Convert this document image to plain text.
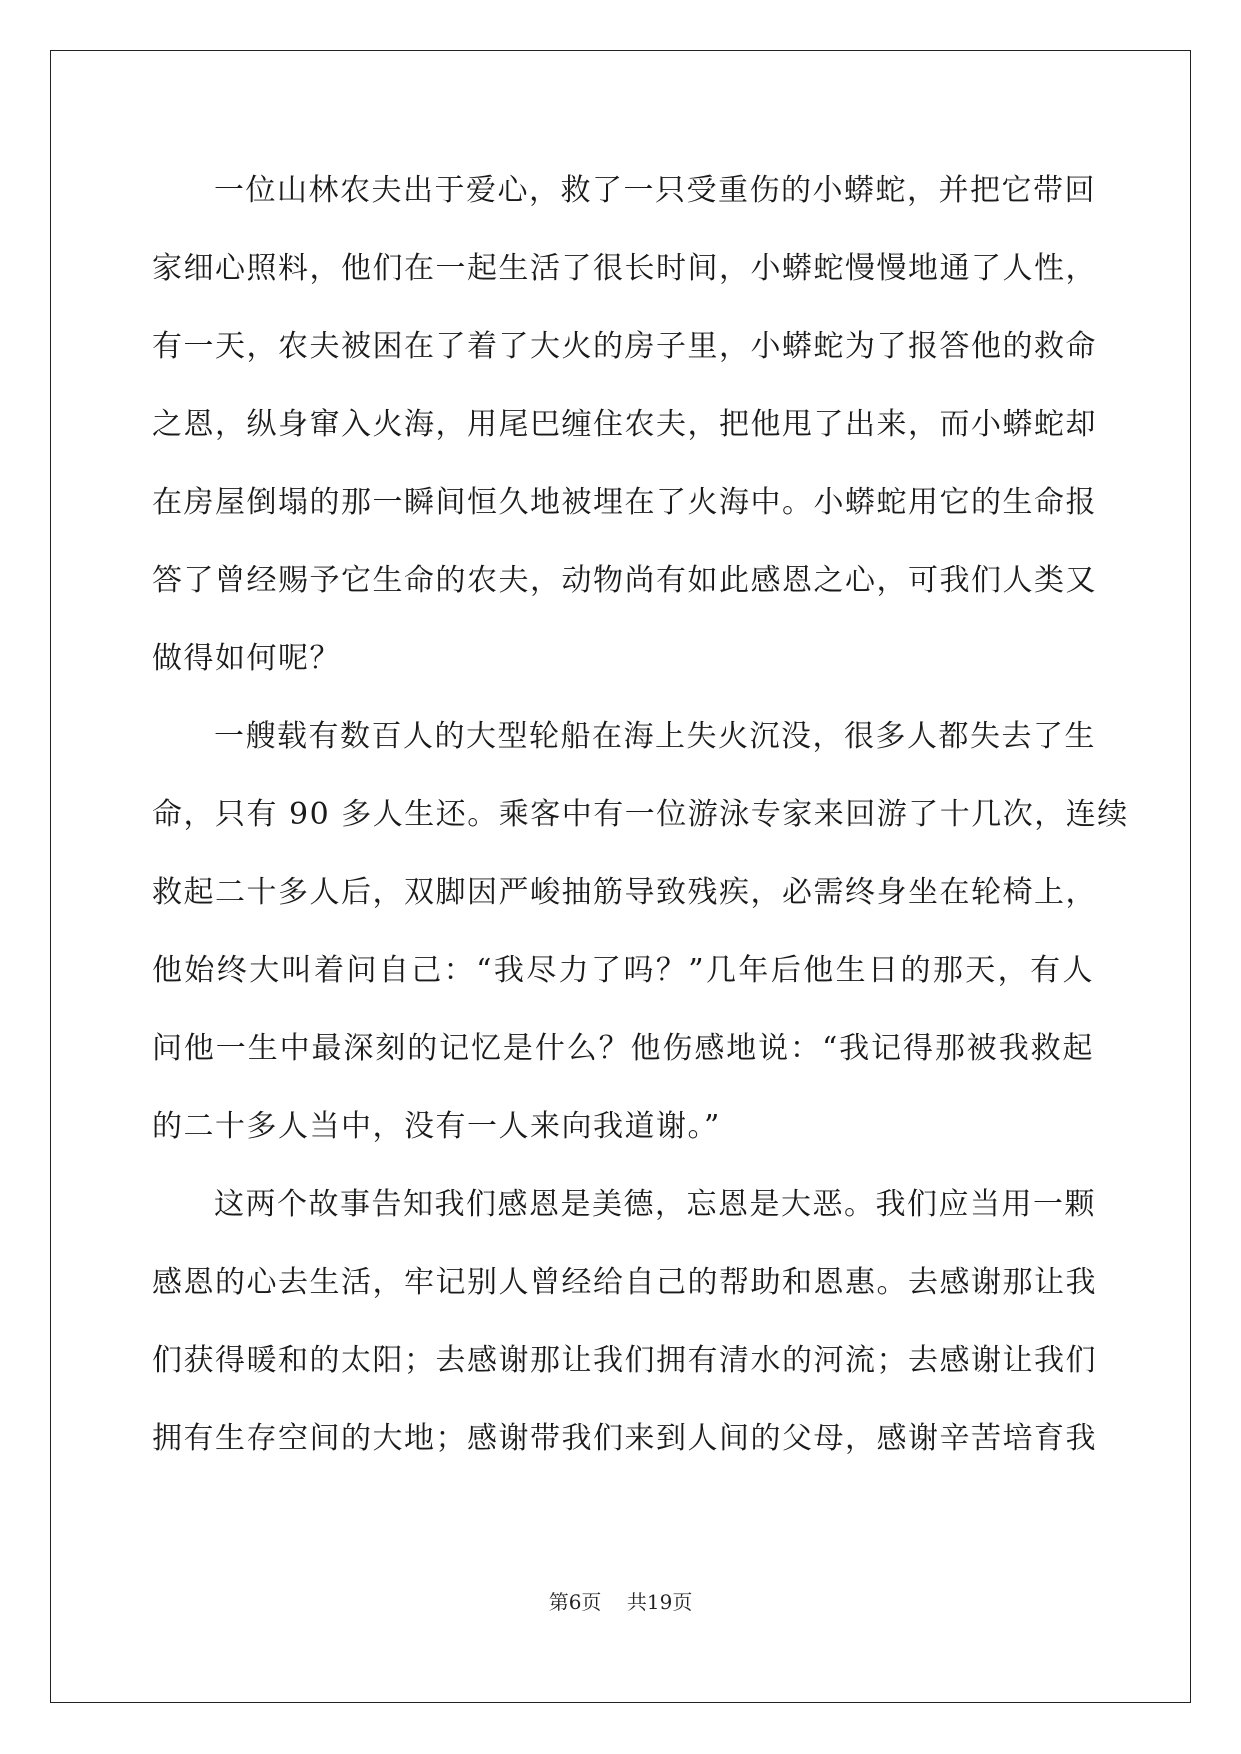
一位山林农夫出于爱心，救了一只受重伤的小蟒蛇，并把它带回
家细心照料，他们在一起生活了很长时间，小蟒蛇慢慢地通了人性，
有一天，农夫被困在了着了大火的房子里，小蟒蛇为了报答他的救命
之恩，纵身窜入火海，用尾巴缠住农夫，把他甩了出来，而小蟒蛇却
在房屋倒塌的那一瞬间恒久地被埋在了火海中。小蟒蛇用它的生命报
答了曾经赐予它生命的农夫，动物尚有如此感恩之心，可我们人类又
做得如何呢？
一艘载有数百人的大型轮船在海上失火沉没，很多人都失去了生
命，只有 90 多人生还。乘客中有一位游泳专家来回游了十几次，连续
救起二十多人后，双脚因严峻抽筋导致残疾，必需终身坐在轮椅上，
他始终大叫着问自己：“我尽力了吗？”几年后他生日的那天，有人
问他一生中最深刻的记忆是什么？他伤感地说：“我记得那被我救起
的二十多人当中，没有一人来向我道谢。”
这两个故事告知我们感恩是美德，忘恩是大恶。我们应当用一颗
感恩的心去生活，牢记别人曾经给自己的帮助和恩惠。去感谢那让我
们获得暖和的太阳；去感谢那让我们拥有清水的河流；去感谢让我们
拥有生存空间的大地；感谢带我们来到人间的父母，感谢辛苦培育我
第6页 共19页
